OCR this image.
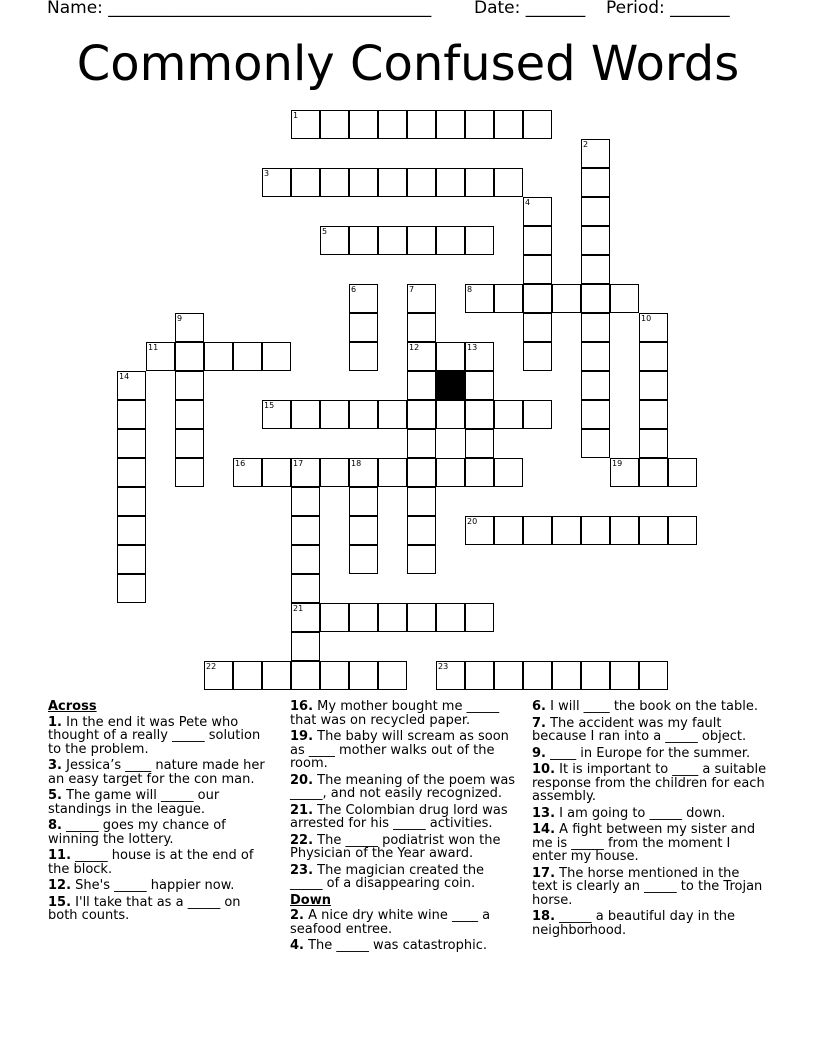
Name: ______________________________________	Date: _______ Period: _______
Commonly Confused Words
1
2
3
4
5
6	7
12
8
9	10
11	13
14
15
16	17	18
21
19
20
22	23
Across
1. In the end it was Pete who thought of a really _____ solution to the problem.
3. Jessica’s ____ nature made her an easy target for the con man.
5. The game will _____ our standings in the league.
8. _____ goes my chance of winning the lottery.
11. _____ house is at the end of the block.
12. She's _____ happier now.
15. I'll take that as a _____ on both counts.
16. My mother bought me _____ that was on recycled paper.
19. The baby will scream as soon as ____ mother walks out of the room.
20. The meaning of the poem was _____, and not easily recognized.
21. The Colombian drug lord was arrested for his _____ activities.
22. The _____ podiatrist won the Physician of the Year award.
23. The magician created the _____ of a disappearing coin.
Down
2. A nice dry white wine ____ a seafood entree.
4. The _____ was catastrophic.
6. I will ____ the book on the table.
7. The accident was my fault because I ran into a _____ object.
9. ____ in Europe for the summer.
10. It is important to ____ a suitable response from the children for each assembly.
13. I am going to _____ down.
14. A fight between my sister and me is _____ from the moment I enter my house.
17. The horse mentioned in the text is clearly an _____ to the Trojan horse.
18. _____ a beautiful day in the neighborhood.
